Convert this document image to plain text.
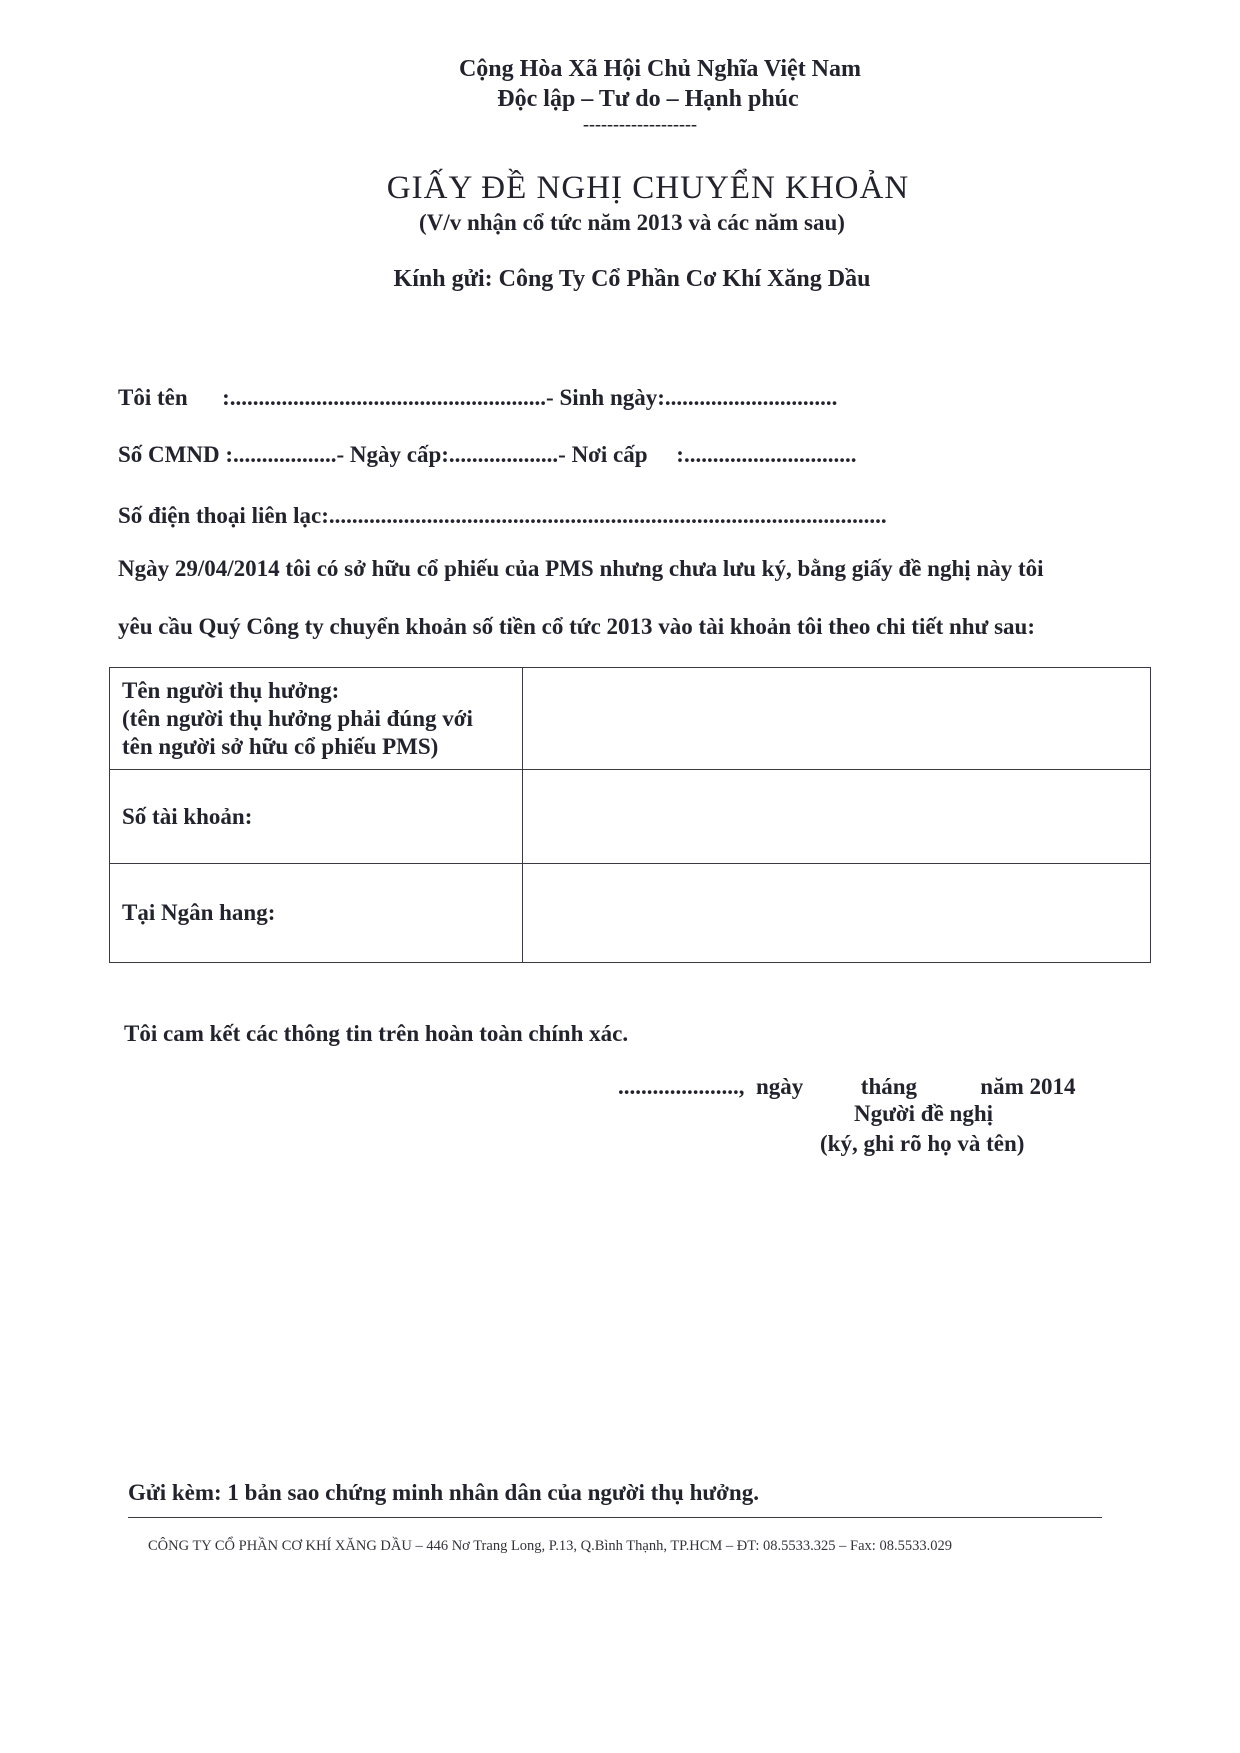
Cộng Hòa Xã Hội Chủ Nghĩa Việt Nam
Độc lập – Tư do – Hạnh phúc
-------------------
GIẤY ĐỀ NGHỊ CHUYỂN KHOẢN
(V/v nhận cổ tức năm 2013 và các năm sau)
Kính gửi: Công Ty Cổ Phần Cơ Khí Xăng Dầu
Tôi tên      :.......................................................- Sinh ngày:..............................
Số CMND :..................- Ngày cấp:...................- Nơi cấp     :..............................
Số điện thoại liên lạc:.................................................................................................
Ngày 29/04/2014 tôi có sở hữu cổ phiếu của PMS nhưng chưa lưu ký, bằng giấy đề nghị này tôi
yêu cầu Quý Công ty chuyển khoản số tiền cổ tức 2013 vào tài khoản tôi theo chi tiết như sau:
Tên người thụ hưởng:
(tên người thụ hưởng phải đúng với
tên người sở hữu cổ phiếu PMS)	

Số tài khoản:	

Tại Ngân hang:	

Tôi cam kết các thông tin trên hoàn toàn chính xác.
.....................,  ngày          tháng           năm 2014
Người đề nghị
(ký, ghi rõ họ và tên)
Gửi kèm: 1 bản sao chứng minh nhân dân của người thụ hưởng.
CÔNG TY CỔ PHẦN CƠ KHÍ XĂNG DẦU – 446 Nơ Trang Long, P.13, Q.Bình Thạnh, TP.HCM – ĐT: 08.5533.325 – Fax: 08.5533.029
